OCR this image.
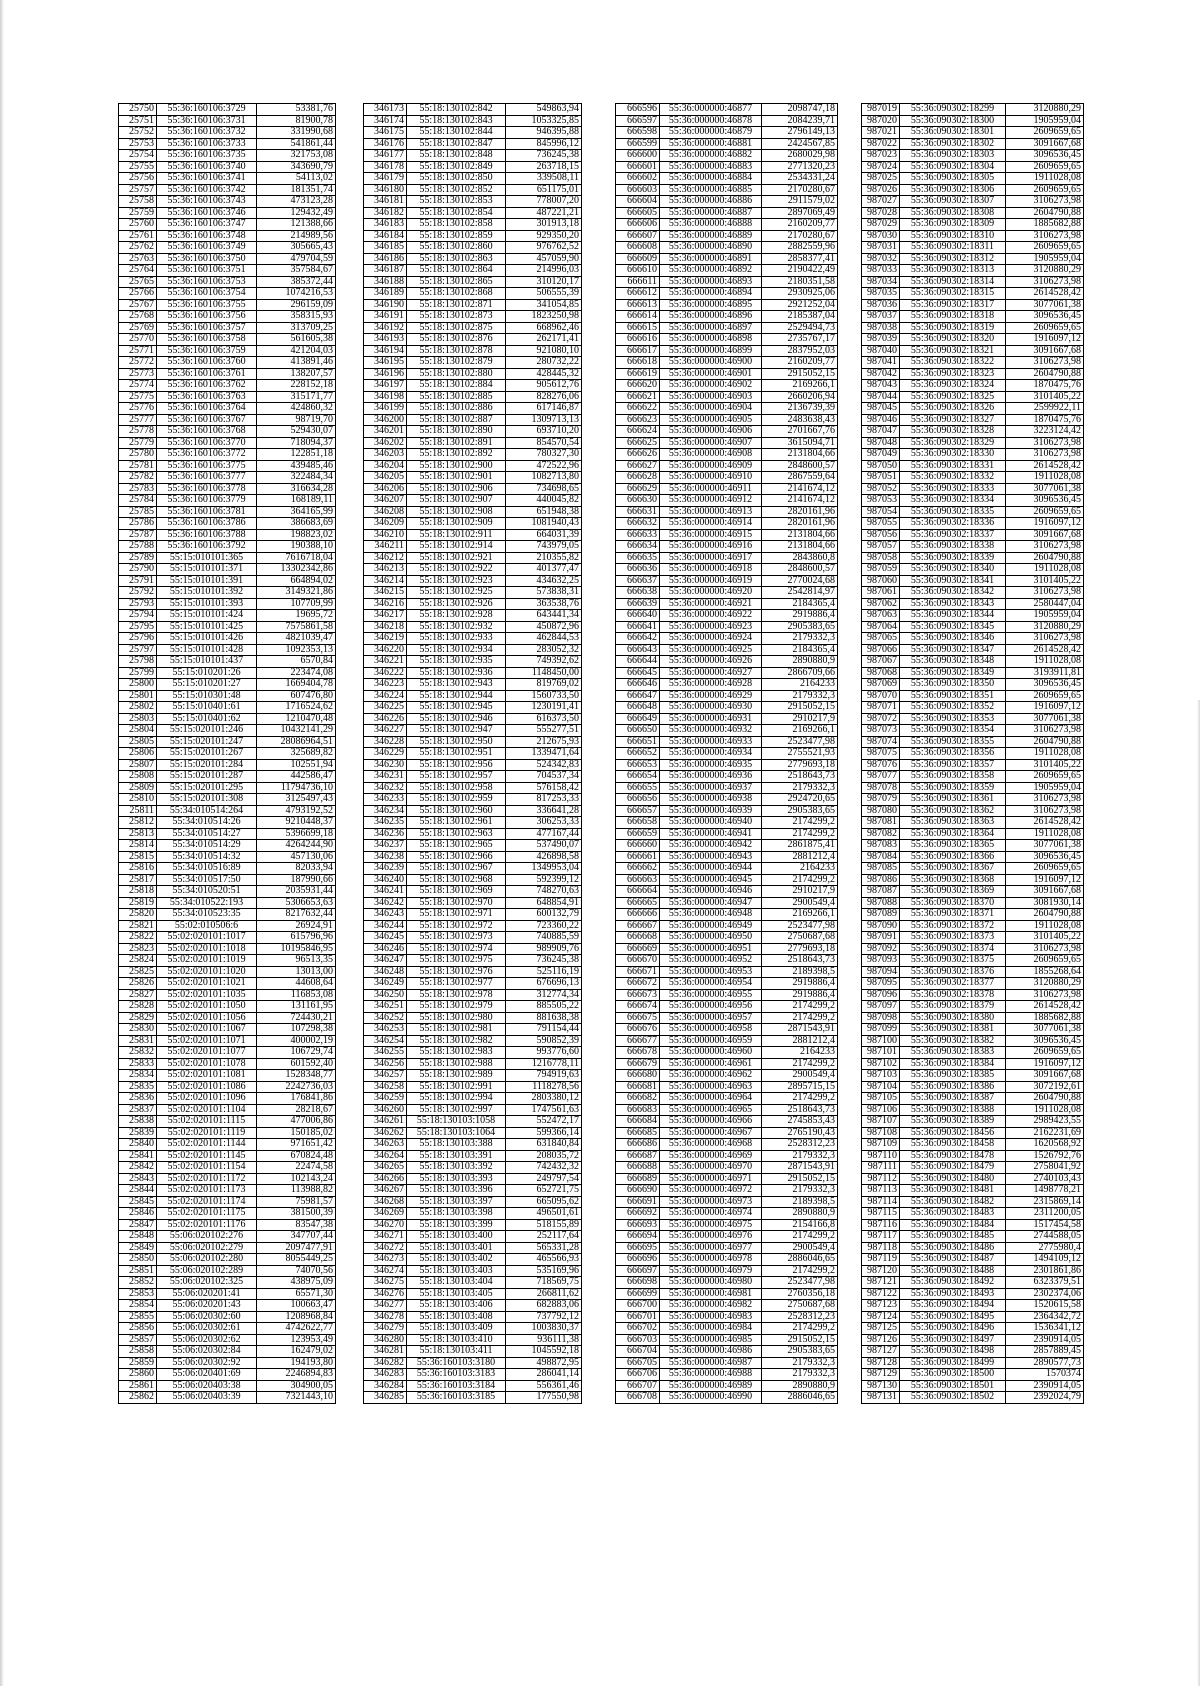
25750	55:36:160106:3729	53381,76
25751	55:36:160106:3731	81900,78
25752	55:36:160106:3732	331990,68
25753	55:36:160106:3733	541861,44
25754	55:36:160106:3735	321753,08
25755	55:36:160106:3740	343690,79
25756	55:36:160106:3741	54113,02
25757	55:36:160106:3742	181351,74
25758	55:36:160106:3743	473123,28
25759	55:36:160106:3746	129432,49
25760	55:36:160106:3747	121388,66
25761	55:36:160106:3748	214989,56
25762	55:36:160106:3749	305665,43
25763	55:36:160106:3750	479704,59
25764	55:36:160106:3751	357584,67
25765	55:36:160106:3753	385372,44
25766	55:36:160106:3754	1074216,53
25767	55:36:160106:3755	296159,09
25768	55:36:160106:3756	358315,93
25769	55:36:160106:3757	313709,25
25770	55:36:160106:3758	561605,38
25771	55:36:160106:3759	421204,03
25772	55:36:160106:3760	413891,46
25773	55:36:160106:3761	138207,57
25774	55:36:160106:3762	228152,18
25775	55:36:160106:3763	315171,77
25776	55:36:160106:3764	424860,32
25777	55:36:160106:3767	98719,70
25778	55:36:160106:3768	529430,07
25779	55:36:160106:3770	718094,37
25780	55:36:160106:3772	122851,18
25781	55:36:160106:3775	439485,46
25782	55:36:160106:3777	322484,34
25783	55:36:160106:3778	316634,28
25784	55:36:160106:3779	168189,11
25785	55:36:160106:3781	364165,99
25786	55:36:160106:3786	386683,69
25787	55:36:160106:3788	198823,02
25788	55:36:160106:3792	190388,10
25789	55:15:010101:365	7616718,04
25790	55:15:010101:371	13302342,86
25791	55:15:010101:391	664894,02
25792	55:15:010101:392	3149321,86
25793	55:15:010101:393	107709,99
25794	55:15:010101:424	19695,72
25795	55:15:010101:425	7575861,58
25796	55:15:010101:426	4821039,47
25797	55:15:010101:428	1092353,13
25798	55:15:010101:437	6570,84
25799	55:15:010201:26	223474,08
25800	55:15:010201:27	1669404,78
25801	55:15:010301:48	607476,80
25802	55:15:010401:61	1716524,62
25803	55:15:010401:62	1210470,48
25804	55:15:020101:246	10432141,29
25805	55:15:020101:247	28086964,51
25806	55:15:020101:267	325689,82
25807	55:15:020101:284	102551,94
25808	55:15:020101:287	442586,47
25809	55:15:020101:295	11794736,10
25810	55:15:020101:308	3125497,43
25811	55:34:010514:264	4793192,52
25812	55:34:010514:26	9210448,37
25813	55:34:010514:27	5396699,18
25814	55:34:010514:29	4264244,90
25815	55:34:010514:32	457130,06
25816	55:34:010516:89	82033,94
25817	55:34:010517:50	187990,66
25818	55:34:010520:51	2035931,44
25819	55:34:010522:193	5306653,63
25820	55:34:010523:35	8217632,44
25821	55:02:010506:6	26924,91
25822	55:02:020101:1017	615796,96
25823	55:02:020101:1018	10195846,95
25824	55:02:020101:1019	96513,35
25825	55:02:020101:1020	13013,00
25826	55:02:020101:1021	44608,64
25827	55:02:020101:1035	116853,08
25828	55:02:020101:1050	131161,95
25829	55:02:020101:1056	724430,21
25830	55:02:020101:1067	107298,38
25831	55:02:020101:1071	400002,19
25832	55:02:020101:1077	106729,74
25833	55:02:020101:1078	601592,40
25834	55:02:020101:1081	1528348,77
25835	55:02:020101:1086	2242736,03
25836	55:02:020101:1096	176841,86
25837	55:02:020101:1104	28218,67
25838	55:02:020101:1115	477006,86
25839	55:02:020101:1119	150185,02
25840	55:02:020101:1144	971651,42
25841	55:02:020101:1145	670824,48
25842	55:02:020101:1154	22474,58
25843	55:02:020101:1172	102143,24
25844	55:02:020101:1173	113988,82
25845	55:02:020101:1174	75981,57
25846	55:02:020101:1175	381500,39
25847	55:02:020101:1176	83547,38
25848	55:06:020102:276	347707,44
25849	55:06:020102:279	2097477,91
25850	55:06:020102:280	8055449,25
25851	55:06:020102:289	74070,56
25852	55:06:020102:325	438975,09
25853	55:06:020201:41	65571,30
25854	55:06:020201:43	100663,47
25855	55:06:020302:60	1208968,84
25856	55:06:020302:61	4742622,77
25857	55:06:020302:62	123953,49
25858	55:06:020302:84	162479,02
25859	55:06:020302:92	194193,80
25860	55:06:020401:69	2246894,83
25861	55:06:020403:38	304900,05
25862	55:06:020403:39	7321443,10
346173	55:18:130102:842	549863,94
346174	55:18:130102:843	1053325,85
346175	55:18:130102:844	946395,88
346176	55:18:130102:847	845996,12
346177	55:18:130102:848	736245,38
346178	55:18:130102:849	263718,15
346179	55:18:130102:850	339508,11
346180	55:18:130102:852	651175,01
346181	55:18:130102:853	778007,20
346182	55:18:130102:854	487221,21
346183	55:18:130102:858	301913,18
346184	55:18:130102:859	929350,20
346185	55:18:130102:860	976762,52
346186	55:18:130102:863	457059,90
346187	55:18:130102:864	214996,03
346188	55:18:130102:865	310120,17
346189	55:18:130102:868	506555,39
346190	55:18:130102:871	341054,85
346191	55:18:130102:873	1823250,98
346192	55:18:130102:875	668962,46
346193	55:18:130102:876	262171,41
346194	55:18:130102:878	921080,10
346195	55:18:130102:879	280732,22
346196	55:18:130102:880	428445,32
346197	55:18:130102:884	905612,76
346198	55:18:130102:885	828276,06
346199	55:18:130102:886	617146,87
346200	55:18:130102:887	1309713,13
346201	55:18:130102:890	693710,20
346202	55:18:130102:891	854570,54
346203	55:18:130102:892	780327,30
346204	55:18:130102:900	472522,96
346205	55:18:130102:901	1082713,80
346206	55:18:130102:906	734698,65
346207	55:18:130102:907	440045,82
346208	55:18:130102:908	651948,38
346209	55:18:130102:909	1081940,43
346210	55:18:130102:911	664031,39
346211	55:18:130102:914	743979,05
346212	55:18:130102:921	210355,82
346213	55:18:130102:922	401377,47
346214	55:18:130102:923	434632,25
346215	55:18:130102:925	573838,31
346216	55:18:130102:926	363538,76
346217	55:18:130102:928	643441,34
346218	55:18:130102:932	450872,96
346219	55:18:130102:933	462844,53
346220	55:18:130102:934	283052,32
346221	55:18:130102:935	749392,62
346222	55:18:130102:936	1148450,00
346223	55:18:130102:943	819769,02
346224	55:18:130102:944	1560733,50
346225	55:18:130102:945	1230191,41
346226	55:18:130102:946	616373,50
346227	55:18:130102:947	555277,51
346228	55:18:130102:950	212675,93
346229	55:18:130102:951	1339471,64
346230	55:18:130102:956	524342,83
346231	55:18:130102:957	704537,34
346232	55:18:130102:958	576158,42
346233	55:18:130102:959	817253,33
346234	55:18:130102:960	336641,28
346235	55:18:130102:961	306253,33
346236	55:18:130102:963	477167,44
346237	55:18:130102:965	537490,07
346238	55:18:130102:966	426898,58
346239	55:18:130102:967	1349953,04
346240	55:18:130102:968	592399,12
346241	55:18:130102:969	748270,63
346242	55:18:130102:970	648854,91
346243	55:18:130102:971	600132,79
346244	55:18:130102:972	723360,22
346245	55:18:130102:973	740885,59
346246	55:18:130102:974	989909,76
346247	55:18:130102:975	736245,38
346248	55:18:130102:976	525116,19
346249	55:18:130102:977	676696,13
346250	55:18:130102:978	312774,34
346251	55:18:130102:979	885505,22
346252	55:18:130102:980	881638,38
346253	55:18:130102:981	791154,44
346254	55:18:130102:982	590852,39
346255	55:18:130102:983	993776,60
346256	55:18:130102:988	1216778,11
346257	55:18:130102:989	794919,63
346258	55:18:130102:991	1118278,56
346259	55:18:130102:994	2803380,12
346260	55:18:130102:997	1747561,63
346261	55:18:130103:1058	552472,17
346262	55:18:130103:1064	599366,14
346263	55:18:130103:388	631840,84
346264	55:18:130103:391	208035,72
346265	55:18:130103:392	742432,32
346266	55:18:130103:393	249797,54
346267	55:18:130103:396	652721,75
346268	55:18:130103:397	665095,62
346269	55:18:130103:398	496501,61
346270	55:18:130103:399	518155,89
346271	55:18:130103:400	252117,64
346272	55:18:130103:401	565331,28
346273	55:18:130103:402	465566,93
346274	55:18:130103:403	535169,96
346275	55:18:130103:404	718569,75
346276	55:18:130103:405	266811,62
346277	55:18:130103:406	682883,06
346278	55:18:130103:408	737792,12
346279	55:18:130103:409	1003830,37
346280	55:18:130103:410	936111,38
346281	55:18:130103:411	1045592,18
346282	55:36:160103:3180	498872,95
346283	55:36:160103:3183	286041,14
346284	55:36:160103:3184	556361,46
346285	55:36:160103:3185	177550,98
666596	55:36:000000:46877	2098747,18
666597	55:36:000000:46878	2084239,71
666598	55:36:000000:46879	2796149,13
666599	55:36:000000:46881	2424567,85
666600	55:36:000000:46882	2680029,98
666601	55:36:000000:46883	2771320,23
666602	55:36:000000:46884	2534331,24
666603	55:36:000000:46885	2170280,67
666604	55:36:000000:46886	2911579,02
666605	55:36:000000:46887	2897069,49
666606	55:36:000000:46888	2160209,77
666607	55:36:000000:46889	2170280,67
666608	55:36:000000:46890	2882559,96
666609	55:36:000000:46891	2858377,41
666610	55:36:000000:46892	2190422,49
666611	55:36:000000:46893	2180351,58
666612	55:36:000000:46894	2930925,06
666613	55:36:000000:46895	2921252,04
666614	55:36:000000:46896	2185387,04
666615	55:36:000000:46897	2529494,73
666616	55:36:000000:46898	2735767,17
666617	55:36:000000:46899	2837952,03
666618	55:36:000000:46900	2160209,77
666619	55:36:000000:46901	2915052,15
666620	55:36:000000:46902	2169266,1
666621	55:36:000000:46903	2660206,94
666622	55:36:000000:46904	2136739,39
666623	55:36:000000:46905	2483638,43
666624	55:36:000000:46906	2701667,76
666625	55:36:000000:46907	3615094,71
666626	55:36:000000:46908	2131804,66
666627	55:36:000000:46909	2848600,57
666628	55:36:000000:46910	2867559,64
666629	55:36:000000:46911	2141674,12
666630	55:36:000000:46912	2141674,12
666631	55:36:000000:46913	2820161,96
666632	55:36:000000:46914	2820161,96
666633	55:36:000000:46915	2131804,66
666634	55:36:000000:46916	2131804,66
666635	55:36:000000:46917	2843860,8
666636	55:36:000000:46918	2848600,57
666637	55:36:000000:46919	2770024,68
666638	55:36:000000:46920	2542814,97
666639	55:36:000000:46921	2184365,4
666640	55:36:000000:46922	2919886,4
666641	55:36:000000:46923	2905383,65
666642	55:36:000000:46924	2179332,3
666643	55:36:000000:46925	2184365,4
666644	55:36:000000:46926	2890880,9
666645	55:36:000000:46927	2866709,66
666646	55:36:000000:46928	2164233
666647	55:36:000000:46929	2179332,3
666648	55:36:000000:46930	2915052,15
666649	55:36:000000:46931	2910217,9
666650	55:36:000000:46932	2169266,1
666651	55:36:000000:46933	2523477,98
666652	55:36:000000:46934	2755521,93
666653	55:36:000000:46935	2779693,18
666654	55:36:000000:46936	2518643,73
666655	55:36:000000:46937	2179332,3
666656	55:36:000000:46938	2924720,65
666657	55:36:000000:46939	2905383,65
666658	55:36:000000:46940	2174299,2
666659	55:36:000000:46941	2174299,2
666660	55:36:000000:46942	2861875,41
666661	55:36:000000:46943	2881212,4
666662	55:36:000000:46944	2164233
666663	55:36:000000:46945	2174299,2
666664	55:36:000000:46946	2910217,9
666665	55:36:000000:46947	2900549,4
666666	55:36:000000:46948	2169266,1
666667	55:36:000000:46949	2523477,98
666668	55:36:000000:46950	2750687,68
666669	55:36:000000:46951	2779693,18
666670	55:36:000000:46952	2518643,73
666671	55:36:000000:46953	2189398,5
666672	55:36:000000:46954	2919886,4
666673	55:36:000000:46955	2919886,4
666674	55:36:000000:46956	2174299,2
666675	55:36:000000:46957	2174299,2
666676	55:36:000000:46958	2871543,91
666677	55:36:000000:46959	2881212,4
666678	55:36:000000:46960	2164233
666679	55:36:000000:46961	2174299,2
666680	55:36:000000:46962	2900549,4
666681	55:36:000000:46963	2895715,15
666682	55:36:000000:46964	2174299,2
666683	55:36:000000:46965	2518643,73
666684	55:36:000000:46966	2745853,43
666685	55:36:000000:46967	2765190,43
666686	55:36:000000:46968	2528312,23
666687	55:36:000000:46969	2179332,3
666688	55:36:000000:46970	2871543,91
666689	55:36:000000:46971	2915052,15
666690	55:36:000000:46972	2179332,3
666691	55:36:000000:46973	2189398,5
666692	55:36:000000:46974	2890880,9
666693	55:36:000000:46975	2154166,8
666694	55:36:000000:46976	2174299,2
666695	55:36:000000:46977	2900549,4
666696	55:36:000000:46978	2886046,65
666697	55:36:000000:46979	2174299,2
666698	55:36:000000:46980	2523477,98
666699	55:36:000000:46981	2760356,18
666700	55:36:000000:46982	2750687,68
666701	55:36:000000:46983	2528312,23
666702	55:36:000000:46984	2174299,2
666703	55:36:000000:46985	2915052,15
666704	55:36:000000:46986	2905383,65
666705	55:36:000000:46987	2179332,3
666706	55:36:000000:46988	2179332,3
666707	55:36:000000:46989	2890880,9
666708	55:36:000000:46990	2886046,65
987019	55:36:090302:18299	3120880,29
987020	55:36:090302:18300	1905959,04
987021	55:36:090302:18301	2609659,65
987022	55:36:090302:18302	3091667,68
987023	55:36:090302:18303	3096536,45
987024	55:36:090302:18304	2609659,65
987025	55:36:090302:18305	1911028,08
987026	55:36:090302:18306	2609659,65
987027	55:36:090302:18307	3106273,98
987028	55:36:090302:18308	2604790,88
987029	55:36:090302:18309	1885682,88
987030	55:36:090302:18310	3106273,98
987031	55:36:090302:18311	2609659,65
987032	55:36:090302:18312	1905959,04
987033	55:36:090302:18313	3120880,29
987034	55:36:090302:18314	3106273,98
987035	55:36:090302:18315	2614528,42
987036	55:36:090302:18317	3077061,38
987037	55:36:090302:18318	3096536,45
987038	55:36:090302:18319	2609659,65
987039	55:36:090302:18320	1916097,12
987040	55:36:090302:18321	3091667,68
987041	55:36:090302:18322	3106273,98
987042	55:36:090302:18323	2604790,88
987043	55:36:090302:18324	1870475,76
987044	55:36:090302:18325	3101405,22
987045	55:36:090302:18326	2599922,11
987046	55:36:090302:18327	1870475,76
987047	55:36:090302:18328	3223124,42
987048	55:36:090302:18329	3106273,98
987049	55:36:090302:18330	3106273,98
987050	55:36:090302:18331	2614528,42
987051	55:36:090302:18332	1911028,08
987052	55:36:090302:18333	3077061,38
987053	55:36:090302:18334	3096536,45
987054	55:36:090302:18335	2609659,65
987055	55:36:090302:18336	1916097,12
987056	55:36:090302:18337	3091667,68
987057	55:36:090302:18338	3106273,98
987058	55:36:090302:18339	2604790,88
987059	55:36:090302:18340	1911028,08
987060	55:36:090302:18341	3101405,22
987061	55:36:090302:18342	3106273,98
987062	55:36:090302:18343	2580447,04
987063	55:36:090302:18344	1905959,04
987064	55:36:090302:18345	3120880,29
987065	55:36:090302:18346	3106273,98
987066	55:36:090302:18347	2614528,42
987067	55:36:090302:18348	1911028,08
987068	55:36:090302:18349	3193911,81
987069	55:36:090302:18350	3096536,45
987070	55:36:090302:18351	2609659,65
987071	55:36:090302:18352	1916097,12
987072	55:36:090302:18353	3077061,38
987073	55:36:090302:18354	3106273,98
987074	55:36:090302:18355	2604790,88
987075	55:36:090302:18356	1911028,08
987076	55:36:090302:18357	3101405,22
987077	55:36:090302:18358	2609659,65
987078	55:36:090302:18359	1905959,04
987079	55:36:090302:18361	3106273,98
987080	55:36:090302:18362	3106273,98
987081	55:36:090302:18363	2614528,42
987082	55:36:090302:18364	1911028,08
987083	55:36:090302:18365	3077061,38
987084	55:36:090302:18366	3096536,45
987085	55:36:090302:18367	2609659,65
987086	55:36:090302:18368	1916097,12
987087	55:36:090302:18369	3091667,68
987088	55:36:090302:18370	3081930,14
987089	55:36:090302:18371	2604790,88
987090	55:36:090302:18372	1911028,08
987091	55:36:090302:18373	3101405,22
987092	55:36:090302:18374	3106273,98
987093	55:36:090302:18375	2609659,65
987094	55:36:090302:18376	1855268,64
987095	55:36:090302:18377	3120880,29
987096	55:36:090302:18378	3106273,98
987097	55:36:090302:18379	2614528,42
987098	55:36:090302:18380	1885682,88
987099	55:36:090302:18381	3077061,38
987100	55:36:090302:18382	3096536,45
987101	55:36:090302:18383	2609659,65
987102	55:36:090302:18384	1916097,12
987103	55:36:090302:18385	3091667,68
987104	55:36:090302:18386	3072192,61
987105	55:36:090302:18387	2604790,88
987106	55:36:090302:18388	1911028,08
987107	55:36:090302:18389	2989423,55
987108	55:36:090302:18456	2162231,69
987109	55:36:090302:18458	1620568,92
987110	55:36:090302:18478	1526792,76
987111	55:36:090302:18479	2758041,92
987112	55:36:090302:18480	2740103,43
987113	55:36:090302:18481	1498778,21
987114	55:36:090302:18482	2315869,14
987115	55:36:090302:18483	2311200,05
987116	55:36:090302:18484	1517454,58
987117	55:36:090302:18485	2744588,05
987118	55:36:090302:18486	2775980,4
987119	55:36:090302:18487	1494109,12
987120	55:36:090302:18488	2301861,86
987121	55:36:090302:18492	6323379,51
987122	55:36:090302:18493	2302374,06
987123	55:36:090302:18494	1520615,58
987124	55:36:090302:18495	2364342,72
987125	55:36:090302:18496	1536341,12
987126	55:36:090302:18497	2390914,05
987127	55:36:090302:18498	2857889,45
987128	55:36:090302:18499	2890577,73
987129	55:36:090302:18500	1570374
987130	55:36:090302:18501	2390914,05
987131	55:36:090302:18502	2392024,79
